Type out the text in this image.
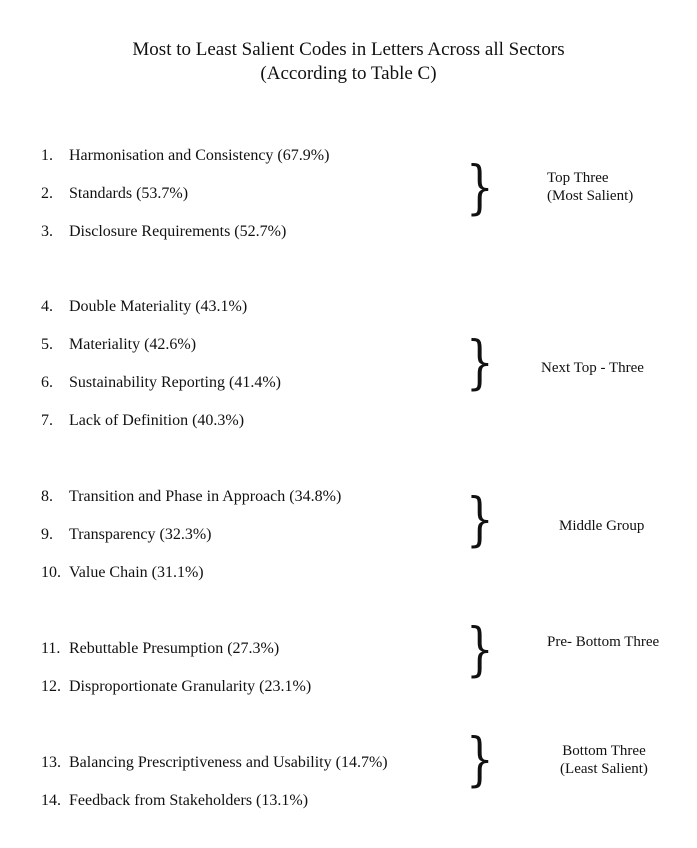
Most to Least Salient Codes in Letters Across all Sectors
(According to Table C)
1. Harmonisation and Consistency (67.9%)
2. Standards (53.7%)
3. Disclosure Requirements (52.7%)
4. Double Materiality (43.1%)
5. Materiality (42.6%)
6. Sustainability Reporting (41.4%)
7. Lack of Definition (40.3%)
8. Transition and Phase in Approach (34.8%)
9. Transparency (32.3%)
10. Value Chain (31.1%)
11. Rebuttable Presumption (27.3%)
12. Disproportionate Granularity (23.1%)
13. Balancing Prescriptiveness and Usability (14.7%)
14. Feedback from Stakeholders (13.1%)
}
}
}
}
}
Top Three
(Most Salient)
Next Top - Three
Middle Group
Pre- Bottom Three
Bottom Three
(Least Salient)
